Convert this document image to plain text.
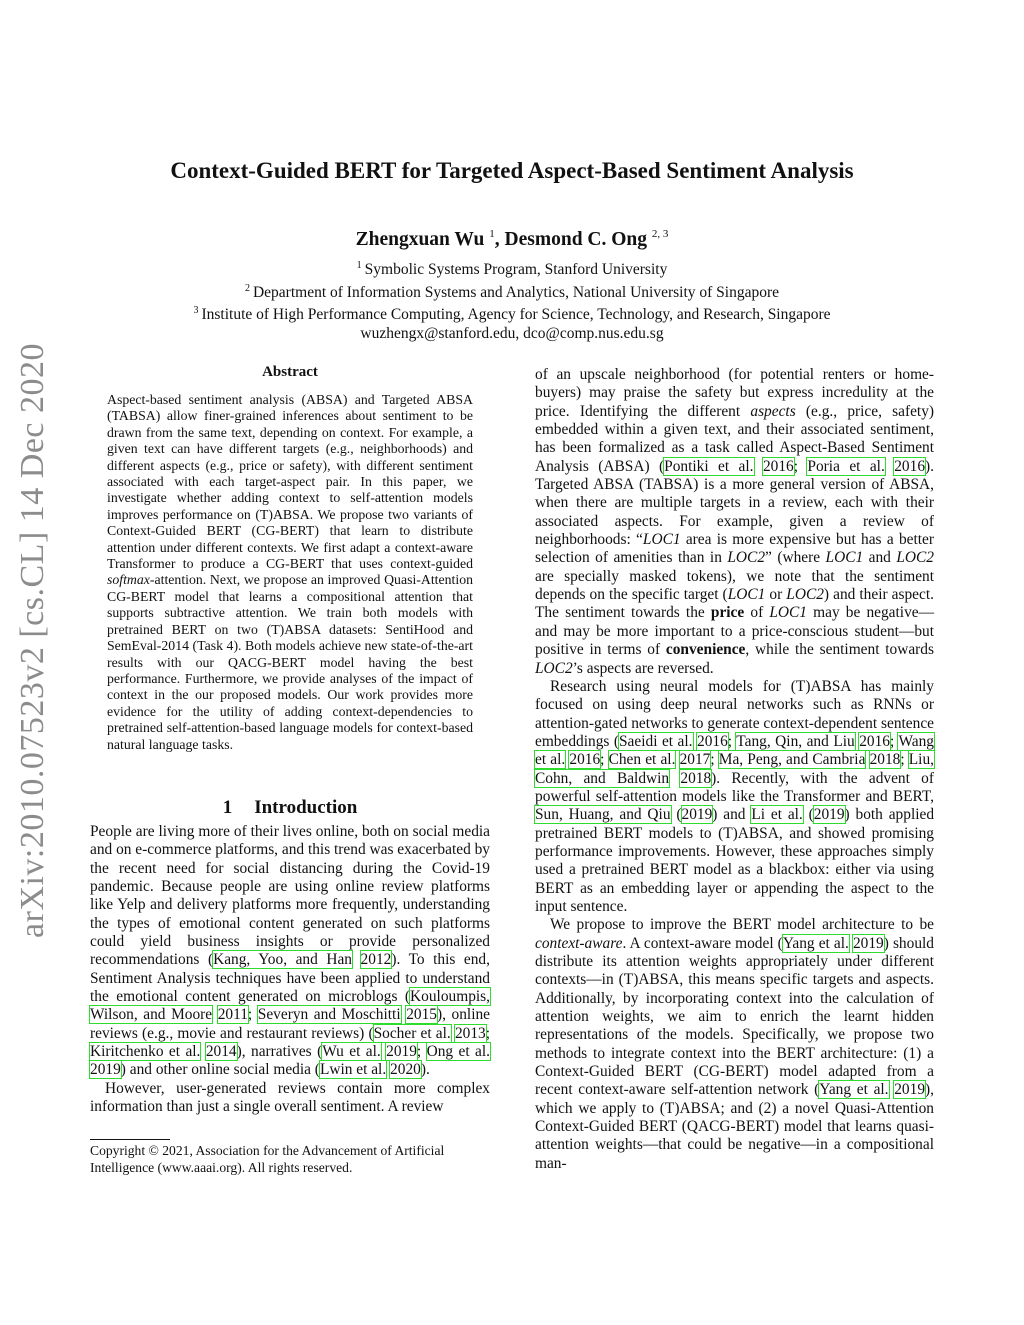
arXiv:2010.07523v2 [cs.CL] 14 Dec 2020
Context-Guided BERT for Targeted Aspect-Based Sentiment Analysis
Zhengxuan Wu $^1$, Desmond C. Ong $^{2, 3}$
$^1$ Symbolic Systems Program, Stanford University
$^2$ Department of Information Systems and Analytics, National University of Singapore
$^3$ Institute of High Performance Computing, Agency for Science, Technology, and Research, Singapore
wuzhengx@stanford.edu, dco@comp.nus.edu.sg
Abstract
Aspect-based sentiment analysis (ABSA) and Targeted ABSA (TABSA) allow finer-grained inferences about sentiment to be drawn from the same text, depending on context. For example, a given text can have different targets (e.g., neighborhoods) and different aspects (e.g., price or safety), with different sentiment associated with each target-aspect pair. In this paper, we investigate whether adding context to self-attention models improves performance on (T)ABSA. We propose two variants of Context-Guided BERT (CG-BERT) that learn to distribute attention under different contexts. We first adapt a context-aware Transformer to produce a CG-BERT that uses context-guided softmax-attention. Next, we propose an improved Quasi-Attention CG-BERT model that learns a compositional attention that supports subtractive attention. We train both models with pretrained BERT on two (T)ABSA datasets: SentiHood and SemEval-2014 (Task 4). Both models achieve new state-of-the-art results with our QACG-BERT model having the best performance. Furthermore, we provide analyses of the impact of context in the our proposed models. Our work provides more evidence for the utility of adding context-dependencies to pretrained self-attention-based language models for context-based natural language tasks.
1 Introduction

People are living more of their lives online, both on social media and on e-commerce platforms, and this trend was exacerbated by the recent need for social distancing during the Covid-19 pandemic. Because people are using online review platforms like Yelp and delivery platforms more frequently, understanding the types of emotional content generated on such platforms could yield business insights or provide personalized recommendations (Kang, Yoo, and Han 2012). To this end, Sentiment Analysis techniques have been applied to understand the emotional content generated on microblogs (Kouloumpis, Wilson, and Moore 2011; Severyn and Moschitti 2015), online reviews (e.g., movie and restaurant reviews) (Socher et al. 2013; Kiritchenko et al. 2014), narratives (Wu et al. 2019; Ong et al. 2019) and other online social media (Lwin et al. 2020).

However, user-generated reviews contain more complex information than just a single overall sentiment. A review

Copyright © 2021, Association for the Advancement of Artificial Intelligence (www.aaai.org). All rights reserved.

of an upscale neighborhood (for potential renters or home-buyers) may praise the safety but express incredulity at the price. Identifying the different aspects (e.g., price, safety) embedded within a given text, and their associated sentiment, has been formalized as a task called Aspect-Based Sentiment Analysis (ABSA) (Pontiki et al. 2016; Poria et al. 2016). Targeted ABSA (TABSA) is a more general version of ABSA, when there are multiple targets in a review, each with their associated aspects. For example, given a review of neighborhoods: “LOC1 area is more expensive but has a better selection of amenities than in LOC2” (where LOC1 and LOC2 are specially masked tokens), we note that the sentiment depends on the specific target (LOC1 or LOC2) and their aspect. The sentiment towards the price of LOC1 may be negative—and may be more important to a price-conscious student—but positive in terms of convenience, while the sentiment towards LOC2’s aspects are reversed.

Research using neural models for (T)ABSA has mainly focused on using deep neural networks such as RNNs or attention-gated networks to generate context-dependent sentence embeddings (Saeidi et al. 2016; Tang, Qin, and Liu 2016; Wang et al. 2016; Chen et al. 2017; Ma, Peng, and Cambria 2018; Liu, Cohn, and Baldwin 2018). Recently, with the advent of powerful self-attention models like the Transformer and BERT, Sun, Huang, and Qiu (2019) and Li et al. (2019) both applied pretrained BERT models to (T)ABSA, and showed promising performance improvements. However, these approaches simply used a pretrained BERT model as a blackbox: either via using BERT as an embedding layer or appending the aspect to the input sentence.

We propose to improve the BERT model architecture to be context-aware. A context-aware model (Yang et al. 2019) should distribute its attention weights appropriately under different contexts—in (T)ABSA, this means specific targets and aspects. Additionally, by incorporating context into the calculation of attention weights, we aim to enrich the learnt hidden representations of the models. Specifically, we propose two methods to integrate context into the BERT architecture: (1) a Context-Guided BERT (CG-BERT) model adapted from a recent context-aware self-attention network (Yang et al. 2019), which we apply to (T)ABSA; and (2) a novel Quasi-Attention Context-Guided BERT (QACG-BERT) model that learns quasi-attention weights—that could be negative—in a compositional man-
